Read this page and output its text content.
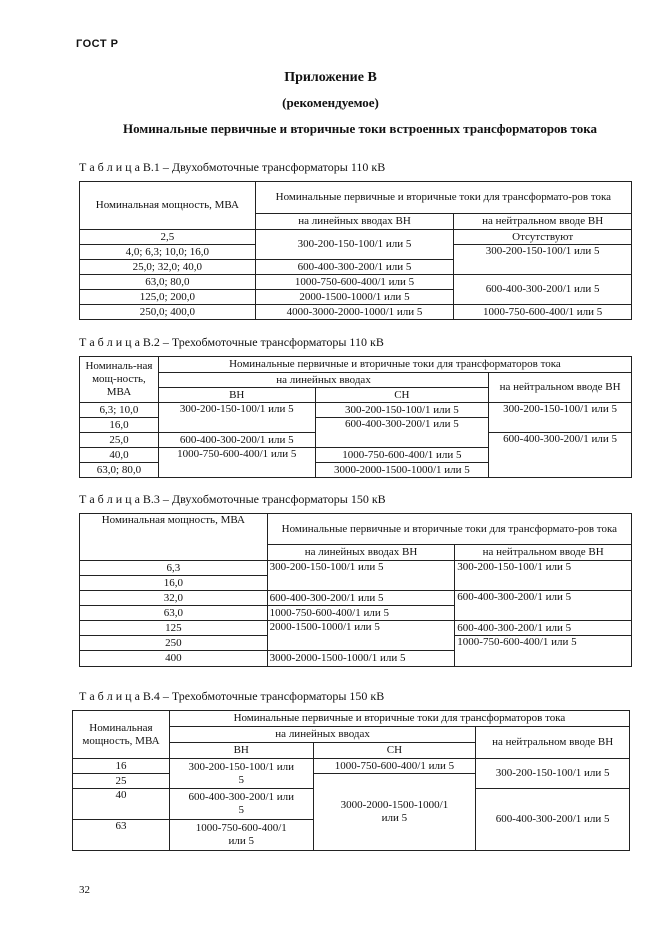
ГОСТ Р
Приложение В
(рекомендуемое)
Номинальные первичные и вторичные токи встроенных трансформаторов тока
Т а б л и ц а В.1 – Двухобмоточные трансформаторы 110 кВ
Номинальная мощность, МВА	Номинальные первичные и вторичные токи для трансформато-ров тока	
	на линейных вводах ВН	на нейтральном вводе ВН
2,5	300-200-150-100/1 или 5	Отсутствуют
4,0; 6,3; 10,0; 16,0		300-200-150-100/1 или 5
25,0; 32,0; 40,0	600-400-300-200/1 или 5	
63,0; 80,0	1000-750-600-400/1 или 5	600-400-300-200/1 или 5
125,0; 200,0	2000-1500-1000/1 или 5	
250,0; 400,0	4000-3000-2000-1000/1 или 5	1000-750-600-400/1 или 5
Т а б л и ц а В.2 – Трехобмоточные трансформаторы 110 кВ
Номиналь-ная мощ-ность, МВА	Номинальные первичные и вторичные токи для трансформаторов тока		
	на линейных вводах		на нейтральном вводе ВН
	ВН	СН	
6,3; 10,0	300-200-150-100/1 или 5	300-200-150-100/1 или 5	300-200-150-100/1 или 5
16,0		600-400-300-200/1 или 5	
25,0	600-400-300-200/1 или 5		600-400-300-200/1 или 5
40,0	1000-750-600-400/1 или 5	1000-750-600-400/1 или 5	
63,0; 80,0		3000-2000-1500-1000/1 или 5	
Т а б л и ц а В.3 – Двухобмоточные трансформаторы 150 кВ
Номинальная мощность, МВА	Номинальные первичные и вторичные токи для трансформато-ров тока	
	на линейных вводах ВН	на нейтральном вводе ВН
6,3	300-200-150-100/1 или 5	300-200-150-100/1 или 5
16,0		
32,0	600-400-300-200/1 или 5	600-400-300-200/1 или 5
63,0	1000-750-600-400/1 или 5	
125	2000-1500-1000/1 или 5	600-400-300-200/1 или 5
250		1000-750-600-400/1 или 5
400	3000-2000-1500-1000/1 или 5	
Т а б л и ц а В.4 – Трехобмоточные трансформаторы 150 кВ
Номинальная мощность, МВА	Номинальные первичные и вторичные токи для трансформаторов тока		
	на линейных вводах		на нейтральном вводе ВН
	ВН	СН	
16	300-200-150-100/1 или 5	1000-750-600-400/1 или 5	300-200-150-100/1 или 5
25		3000-2000-1500-1000/1 или 5	
40	600-400-300-200/1 или 5		600-400-300-200/1 или 5
63	1000-750-600-400/1 или 5		
32
